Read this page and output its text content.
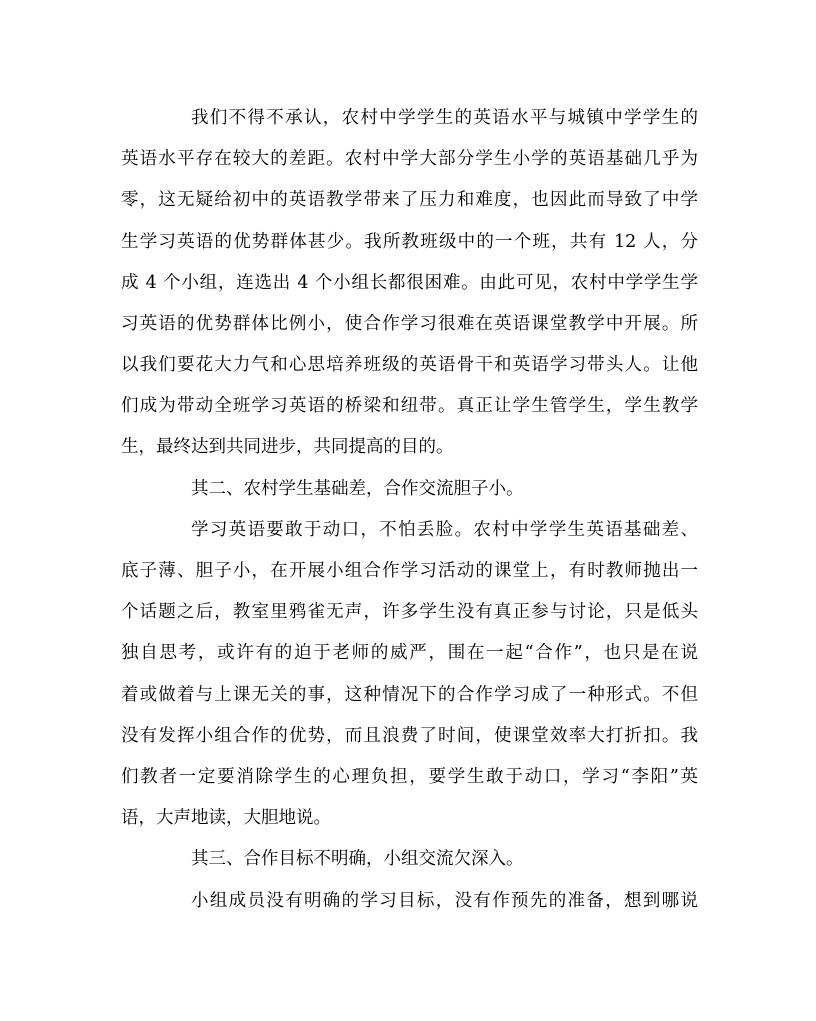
我们不得不承认，农村中学学生的英语水平与城镇中学学生的
英语水平存在较大的差距。农村中学大部分学生小学的英语基础几乎为
零，这无疑给初中的英语教学带来了压力和难度，也因此而导致了中学
生学习英语的优势群体甚少。我所教班级中的一个班，共有 12 人，分
成 4 个小组，连选出 4 个小组长都很困难。由此可见，农村中学学生学
习英语的优势群体比例小，使合作学习很难在英语课堂教学中开展。所
以我们要花大力气和心思培养班级的英语骨干和英语学习带头人。让他
们成为带动全班学习英语的桥梁和纽带。真正让学生管学生，学生教学
生，最终达到共同进步，共同提高的目的。
其二、农村学生基础差，合作交流胆子小。
学习英语要敢于动口，不怕丢脸。农村中学学生英语基础差、
底子薄、胆子小，在开展小组合作学习活动的课堂上，有时教师抛出一
个话题之后，教室里鸦雀无声，许多学生没有真正参与讨论，只是低头
独自思考，或许有的迫于老师的威严，围在一起“合作”，也只是在说
着或做着与上课无关的事，这种情况下的合作学习成了一种形式。不但
没有发挥小组合作的优势，而且浪费了时间，使课堂效率大打折扣。我
们教者一定要消除学生的心理负担，要学生敢于动口，学习“李阳”英
语，大声地读，大胆地说。
其三、合作目标不明确，小组交流欠深入。
小组成员没有明确的学习目标，没有作预先的准备，想到哪说
